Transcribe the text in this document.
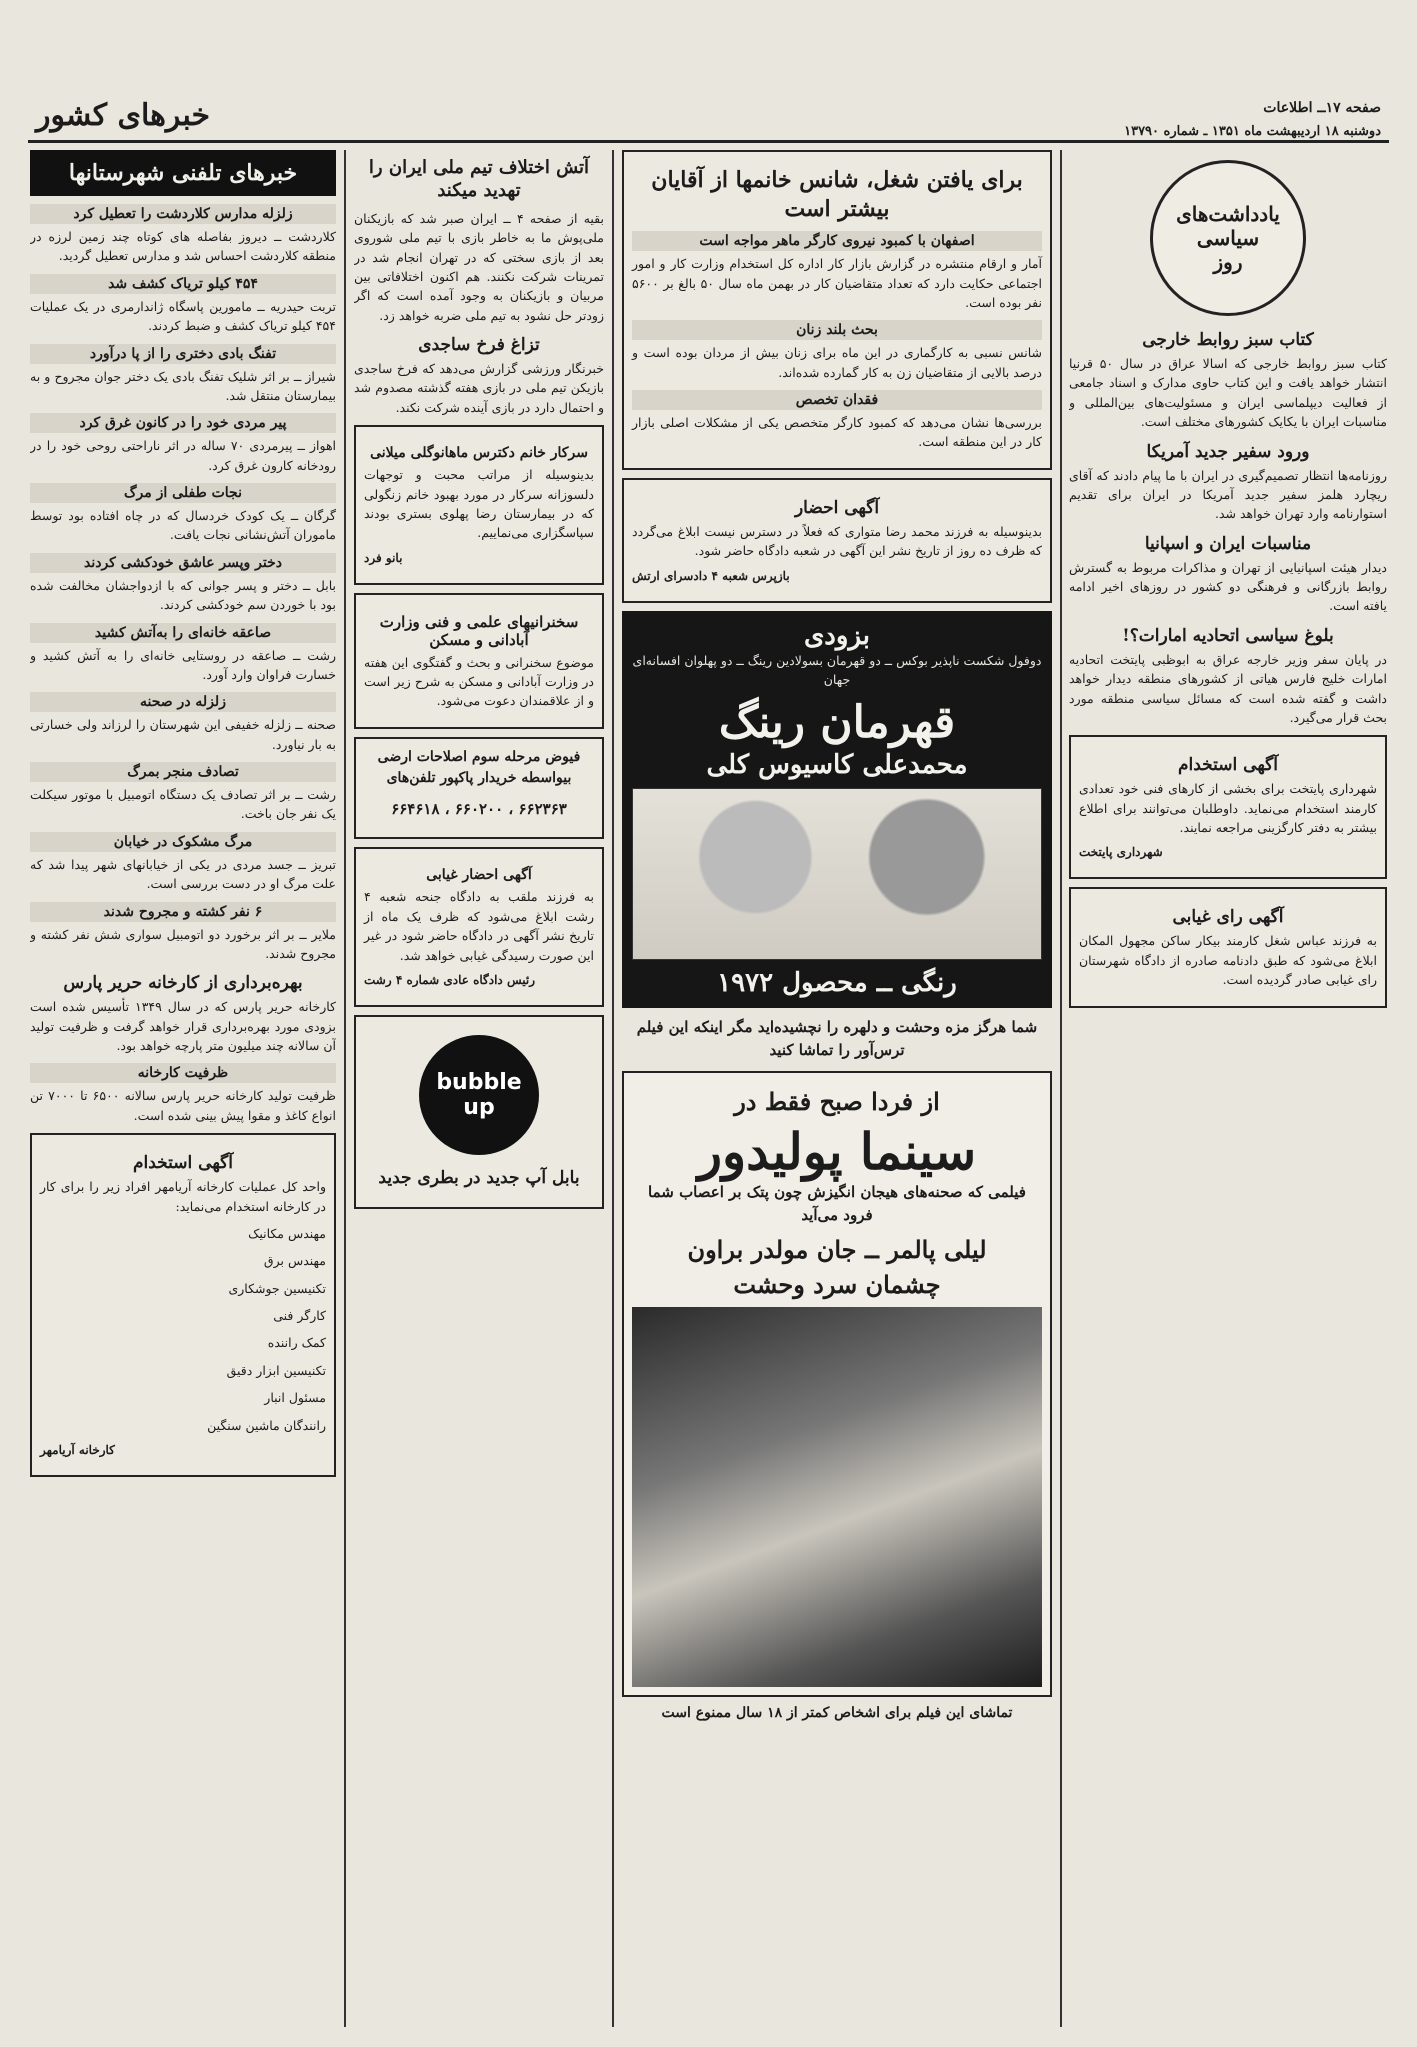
صفحه ۱۷ــ اطلاعات
دوشنبه ۱۸ اردیبهشت ماه ۱۳۵۱ ـ شماره ۱۳۷۹۰
خبرهای کشور
یادداشت‌های
سیاسی
روز
کتاب سبز روابط خارجی

کتاب سبز روابط خارجی که اسالا عراق در سال ۵۰ قرنیا انتشار خواهد یافت و این کتاب حاوی مدارک و اسناد جامعی از فعالیت دیپلماسی ایران و مسئولیت‌های بین‌المللی و مناسبات ایران با یکایک کشورهای مختلف است.

ورود سفیر جدید آمریکا

روزنامه‌ها انتظار تصمیم‌گیری در ایران با ما پیام دادند که آقای ریچارد هلمز سفیر جدید آمریکا در ایران برای تقدیم استوارنامه وارد تهران خواهد شد.

مناسبات ایران و اسپانیا

دیدار هیئت اسپانیایی از تهران و مذاکرات مربوط به گسترش روابط بازرگانی و فرهنگی دو کشور در روزهای اخیر ادامه یافته است.

بلوغ سیاسی اتحادیه امارات؟!

در پایان سفر وزیر خارجه عراق به ابوظبی پایتخت اتحادیه امارات خلیج فارس هیاتی از کشورهای منطقه دیدار خواهد داشت و گفته شده است که مسائل سیاسی منطقه مورد بحث قرار می‌گیرد.

آگهی استخدام

شهرداری پایتخت برای بخشی از کارهای فنی خود تعدادی کارمند استخدام می‌نماید. داوطلبان می‌توانند برای اطلاع بیشتر به دفتر کارگزینی مراجعه نمایند.

شهرداری پایتخت
آگهی رای غیابی

به فرزند عباس شغل کارمند بیکار ساکن مجهول المکان ابلاغ می‌شود که طبق دادنامه صادره از دادگاه شهرستان رای غیابی صادر گردیده است.

برای یافتن شغل، شانس خانمها از آقایان بیشتر است
اصفهان با کمبود نیروی کارگر ماهر مواجه است

آمار و ارقام منتشره در گزارش بازار کار اداره کل استخدام وزارت کار و امور اجتماعی حکایت دارد که تعداد متقاضیان کار در بهمن ماه سال ۵۰ بالغ بر ۵۶۰۰ نفر بوده است.

بحث بلند زنان

شانس نسبی به کارگماری در این ماه برای زنان بیش از مردان بوده است و درصد بالایی از متقاضیان زن به کار گمارده شده‌اند.

فقدان تخصص

بررسی‌ها نشان می‌دهد که کمبود کارگر متخصص یکی از مشکلات اصلی بازار کار در این منطقه است.

آگهی احضار

بدینوسیله به فرزند محمد رضا متواری که فعلاً در دسترس نیست ابلاغ می‌گردد که ظرف ده روز از تاریخ نشر این آگهی در شعبه دادگاه حاضر شود.

بازپرس شعبه ۴ دادسرای ارتش
بزودی

دوفول شکست ناپذیر بوکس ــ دو قهرمان بسولادین رینگ ــ دو پهلوان افسانه‌ای جهان

قهرمان رینگ
محمدعلی کاسیوس کلی
رنگی ــ محصول ۱۹۷۲

شما هرگز مزه وحشت و دلهره را نچشیده‌اید مگر اینکه این فیلم ترس‌آور را تماشا کنید

از فردا صبح فقط در
سینما پولیدور

فیلمی که صحنه‌های هیجان انگیزش چون پتک بر اعصاب شما فرود می‌آید

لیلی پالمر ــ جان مولدر براون
چشمان سرد وحشت

تماشای این فیلم برای اشخاص کمتر از ۱۸ سال ممنوع است

آتش اختلاف تیم ملی ایران را تهدید میکند

بقیه از صفحه ۴ ــ ایران صبر شد که بازیکنان ملی‌پوش ما به خاطر بازی با تیم ملی شوروی بعد از بازی سختی که در تهران انجام شد در تمرینات شرکت نکنند. هم اکنون اختلافاتی بین مربیان و بازیکنان به وجود آمده است که اگر زودتر حل نشود به تیم ملی ضربه خواهد زد.

تزاغ فرخ ساجدی

خبرنگار ورزشی گزارش می‌دهد که فرخ ساجدی بازیکن تیم ملی در بازی هفته گذشته مصدوم شد و احتمال دارد در بازی آینده شرکت نکند.

سرکار خانم دکترس ماهانوگلی میلانی

بدینوسیله از مراتب محبت و توجهات دلسوزانه سرکار در مورد بهبود خانم زنگولی که در بیمارستان رضا پهلوی بستری بودند سپاسگزاری می‌نماییم.

بانو فرد
سخنرانیهای علمی و فنی وزارت آبادانی و مسکن

موضوع سخنرانی و بحث و گفتگوی این هفته در وزارت آبادانی و مسکن به شرح زیر است و از علاقمندان دعوت می‌شود.

فیوض مرحله سوم اصلاحات ارضی بیواسطه خریدار پاکپور تلفن‌های

۶۶۲۳۶۳ ، ۶۶۰۲۰۰ ، ۶۶۴۶۱۸

آگهی احضار غیابی

به فرزند ملقب به دادگاه جنحه شعبه ۴ رشت ابلاغ می‌شود که ظرف یک ماه از تاریخ نشر آگهی در دادگاه حاضر شود در غیر این صورت رسیدگی غیابی خواهد شد.

رئیس دادگاه عادی شماره ۴ رشت
bubble up

بابل آپ جدید در بطری جدید

خبرهای تلفنی شهرستانها
زلزله مدارس کلاردشت را تعطیل کرد

کلاردشت ــ دیروز بفاصله های کوتاه چند زمین لرزه در منطقه کلاردشت احساس شد و مدارس تعطیل گردید.

۴۵۴ کیلو تریاک کشف شد

تربت حیدریه ــ مامورین پاسگاه ژاندارمری در یک عملیات ۴۵۴ کیلو تریاک کشف و ضبط کردند.

تفنگ بادی دختری را از پا درآورد

شیراز ــ بر اثر شلیک تفنگ بادی یک دختر جوان مجروح و به بیمارستان منتقل شد.

پیر مردی خود را در کانون غرق کرد

اهواز ــ پیرمردی ۷۰ ساله در اثر ناراحتی روحی خود را در رودخانه کارون غرق کرد.

نجات طفلی از مرگ

گرگان ــ یک کودک خردسال که در چاه افتاده بود توسط ماموران آتش‌نشانی نجات یافت.

دختر وپسر عاشق خودکشی کردند

بابل ــ دختر و پسر جوانی که با ازدواجشان مخالفت شده بود با خوردن سم خودکشی کردند.

صاعقه خانه‌ای را به‌آتش کشید

رشت ــ صاعقه در روستایی خانه‌ای را به آتش کشید و خسارت فراوان وارد آورد.

زلزله در صحنه

صحنه ــ زلزله خفیفی این شهرستان را لرزاند ولی خسارتی به بار نیاورد.

تصادف منجر بمرگ

رشت ــ بر اثر تصادف یک دستگاه اتومبیل با موتور سیکلت یک نفر جان باخت.

مرگ مشکوک در خیابان

تبریز ــ جسد مردی در یکی از خیابانهای شهر پیدا شد که علت مرگ او در دست بررسی است.

۶ نفر کشته و مجروح شدند

ملایر ــ بر اثر برخورد دو اتومبیل سواری شش نفر کشته و مجروح شدند.

بهره‌برداری از کارخانه حریر پارس

کارخانه حریر پارس که در سال ۱۳۴۹ تأسیس شده است بزودی مورد بهره‌برداری قرار خواهد گرفت و ظرفیت تولید آن سالانه چند میلیون متر پارچه خواهد بود.

ظرفیت کارخانه

ظرفیت تولید کارخانه حریر پارس سالانه ۶۵۰۰ تا ۷۰۰۰ تن انواع کاغذ و مقوا پیش بینی شده است.

آگهی استخدام

واحد کل عملیات کارخانه آریامهر افراد زیر را برای کار در کارخانه استخدام می‌نماید:

مهندس مکانیک

مهندس برق

تکنیسین جوشکاری

کارگر فنی

کمک راننده

تکنیسین ابزار دقیق

مسئول انبار

رانندگان ماشین سنگین

کارخانه آریامهر
